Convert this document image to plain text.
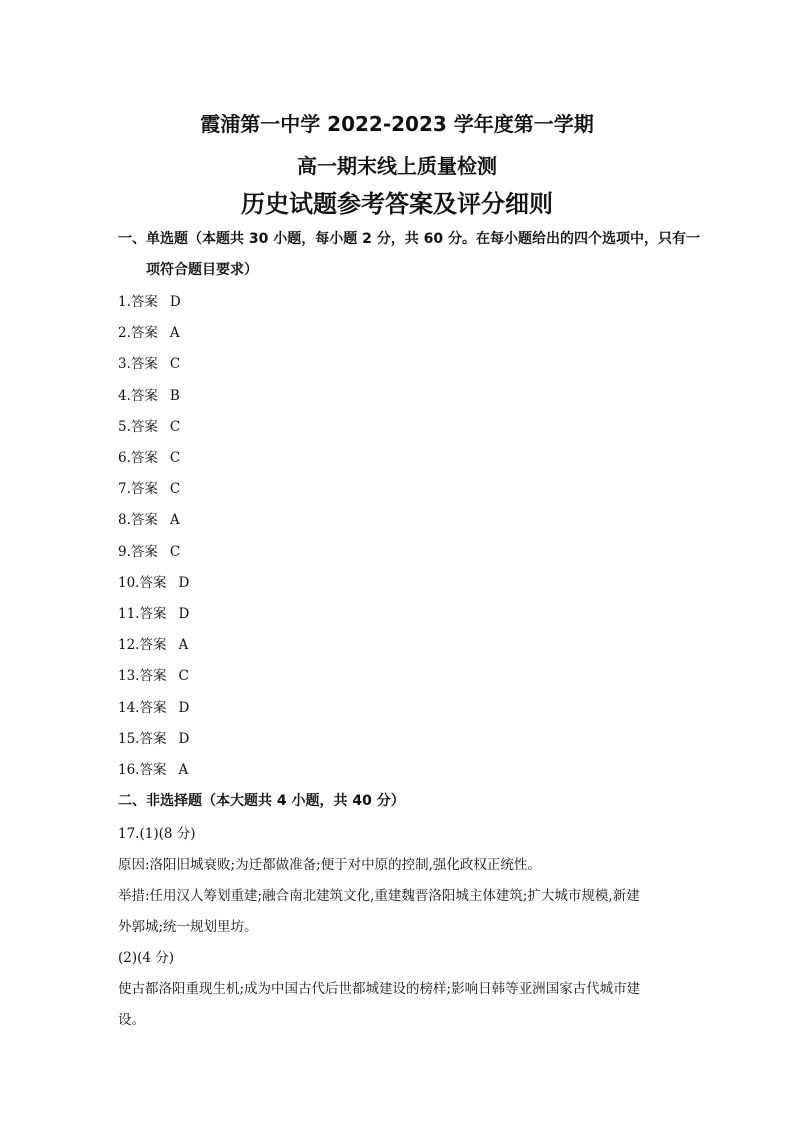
霞浦第一中学 2022-2023 学年度第一学期
高一期末线上质量检测
历史试题参考答案及评分细则
一、单选题（本题共 30 小题，每小题 2 分，共 60 分。在每小题给出的四个选项中，只有一
项符合题目要求）
1.答案 D
2.答案 A
3.答案 C
4.答案 B
5.答案 C
6.答案 C
7.答案 C
8.答案 A
9.答案 C
10.答案 D
11.答案 D
12.答案 A
13.答案 C
14.答案 D
15.答案 D
16.答案 A
二、非选择题（本大题共 4 小题，共 40 分）
17.(1)(8 分)
原因:洛阳旧城衰败;为迁都做准备;便于对中原的控制,强化政权正统性。
举措:任用汉人筹划重建;融合南北建筑文化,重建魏晋洛阳城主体建筑;扩大城市规模,新建
外郭城;统一规划里坊。
(2)(4 分)
使古都洛阳重现生机;成为中国古代后世都城建设的榜样;影响日韩等亚洲国家古代城市建
设。
